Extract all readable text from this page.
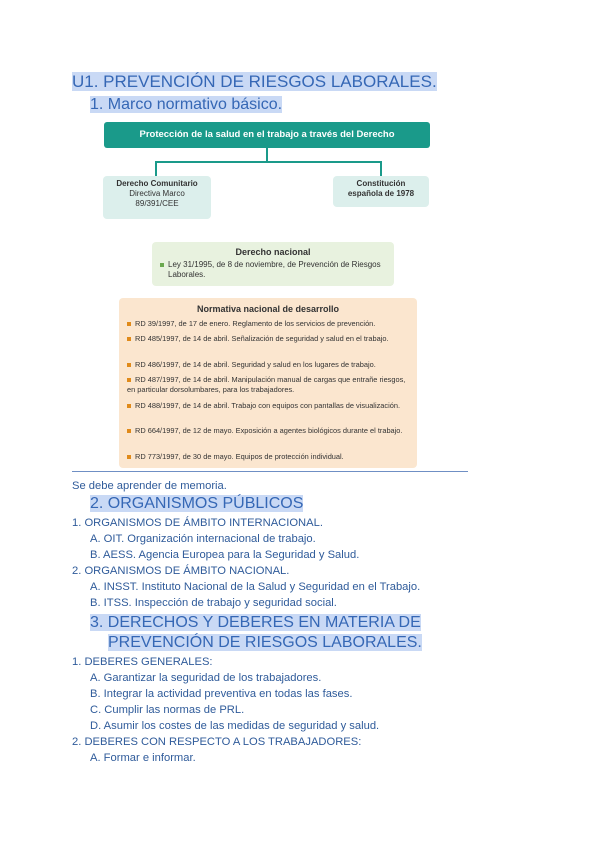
U1. PREVENCIÓN DE RIESGOS LABORALES.
1. Marco normativo básico.
Protección de la salud en el trabajo a través del Derecho
Derecho Comunitario
Directiva Marco
89/391/CEE
Constitución
española de 1978
Derecho nacional
Ley 31/1995, de 8 de noviembre, de Prevención de Riesgos
Laborales.
Normativa nacional de desarrollo
RD 39/1997, de 17 de enero. Reglamento de los servicios de prevención.
RD 485/1997, de 14 de abril. Señalización de seguridad y salud en el trabajo.
RD 486/1997, de 14 de abril. Seguridad y salud en los lugares de trabajo.
RD 487/1997, de 14 de abril. Manipulación manual de cargas que entrañe riesgos, en particular dorsolumbares, para los trabajadores.
RD 488/1997, de 14 de abril. Trabajo con equipos con pantallas de visualización.
RD 664/1997, de 12 de mayo. Exposición a agentes biológicos durante el trabajo.
RD 773/1997, de 30 de mayo. Equipos de protección individual.
Se debe aprender de memoria.
2. ORGANISMOS PÚBLICOS
1. ORGANISMOS DE ÁMBITO INTERNACIONAL.
A. OIT. Organización internacional de trabajo.
B. AESS. Agencia Europea para la Seguridad y Salud.
2. ORGANISMOS DE ÁMBITO NACIONAL.
A. INSST. Instituto Nacional de la Salud y Seguridad en el Trabajo.
B. ITSS. Inspección de trabajo y seguridad social.
3. DERECHOS Y DEBERES EN MATERIA DE
PREVENCIÓN DE RIESGOS LABORALES.
1. DEBERES GENERALES:
A. Garantizar la seguridad de los trabajadores.
B. Integrar la actividad preventiva en todas las fases.
C. Cumplir las normas de PRL.
D. Asumir los costes de las medidas de seguridad y salud.
2. DEBERES CON RESPECTO A LOS TRABAJADORES:
A. Formar e informar.
